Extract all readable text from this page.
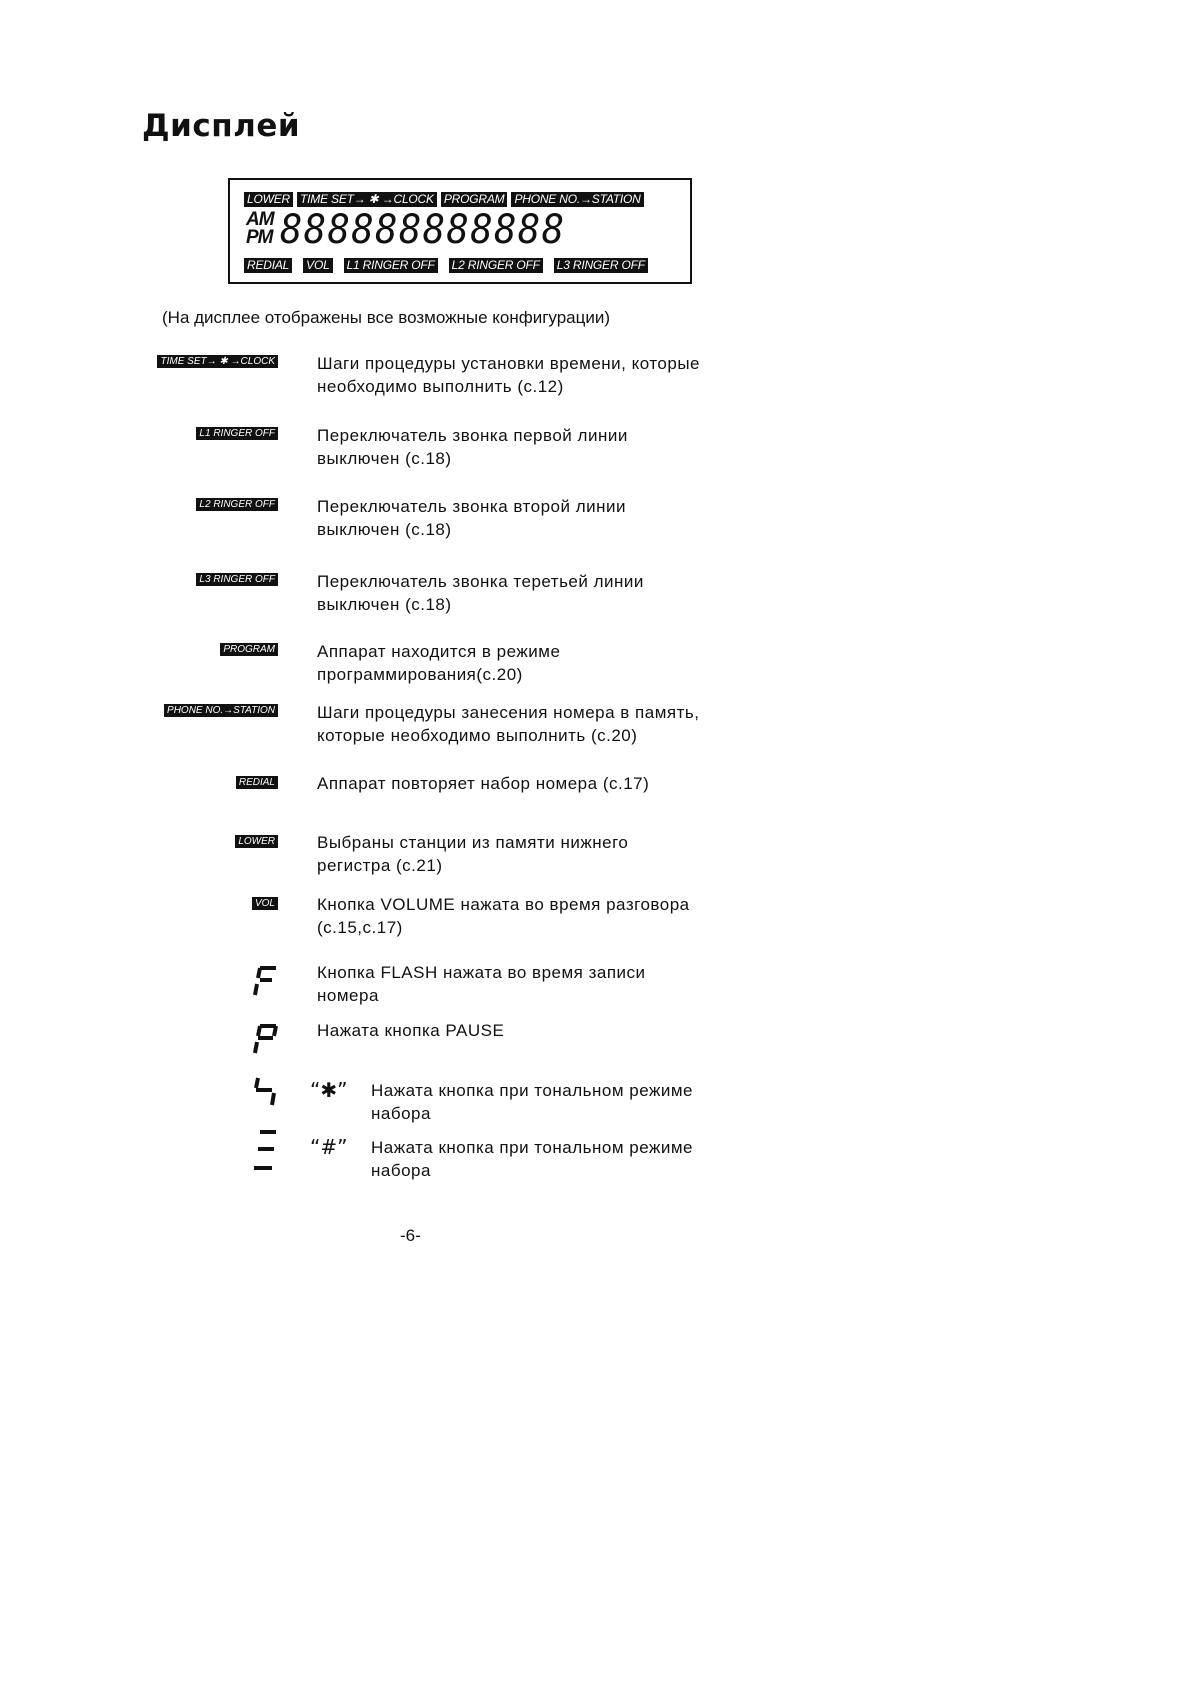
Дисплей
LOWER TIME SET→ ✱ →CLOCK PROGRAM PHONE NO.→STATION
AM
PM 888888888888
REDIAL VOL L1 RINGER OFF L2 RINGER OFF L3 RINGER OFF
(На дисплее отображены все возможные конфигурации)
TIME SET→ ✱ →CLOCK Шаги процедуры установки времени, которые
необходимо выполнить (с.12)
L1 RINGER OFF Переключатель звонка первой линии
выключен (с.18)
L2 RINGER OFF Переключатель звонка второй линии
выключен (с.18)
L3 RINGER OFF Переключатель звонка теретьей линии
выключен (с.18)
PROGRAM Аппарат находится в режиме
программирования(с.20)
PHONE NO.→STATION Шаги процедуры занесения номера в память,
которые необходимо выполнить (с.20)
REDIAL Аппарат повторяет набор номера (с.17)
LOWER Выбраны станции из памяти нижнего
регистра (с.21)
VOL Кнопка VOLUME нажата во время разговора
(с.15,с.17)
Кнопка FLASH нажата во время записи
номера
Нажата кнопка PAUSE
“✱” Нажата кнопка при тональном режиме
набора
“#” Нажата кнопка при тональном режиме
набора
-6-
